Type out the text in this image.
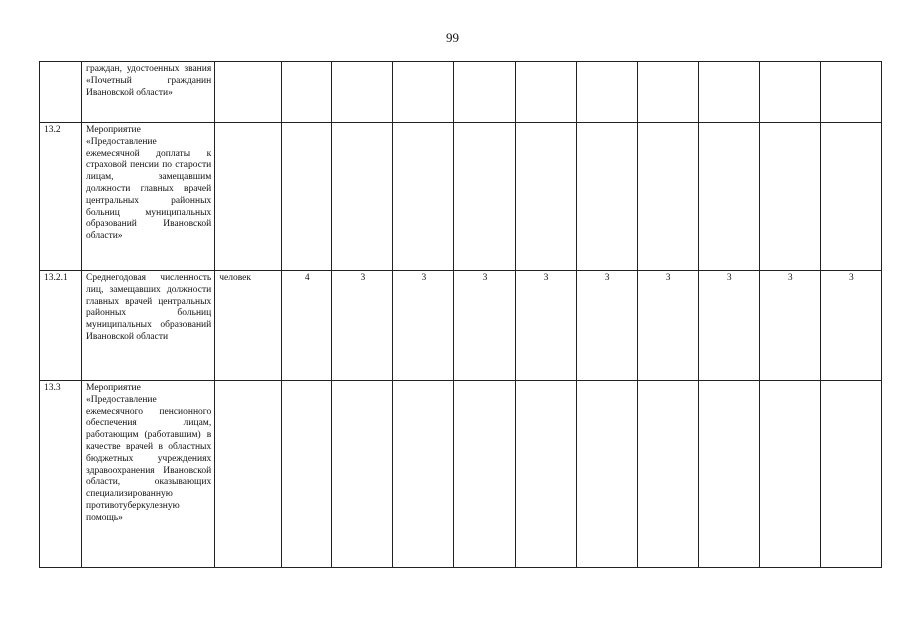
99

	граждан, удостоенных звания «Почетный гражданин Ивановской области»											

13.2	Мероприятие «Предоставление ежемесячной доплаты к страховой пенсии по старости лицам, замещавшим должности главных врачей центральных районных больниц муниципальных образований Ивановской области»											

13.2.1	Среднегодовая численность лиц, замещавших должности главных врачей центральных районных больниц муниципальных образований Ивановской области	человек	4	3	3	3	3	3	3	3	3	3
13.3	Мероприятие «Предоставление ежемесячного пенсионного обеспечения лицам, работающим (работавшим) в качестве врачей в областных бюджетных учреждениях здравоохранения Ивановской области, оказывающих специализированную противотуберкулезную помощь»											
